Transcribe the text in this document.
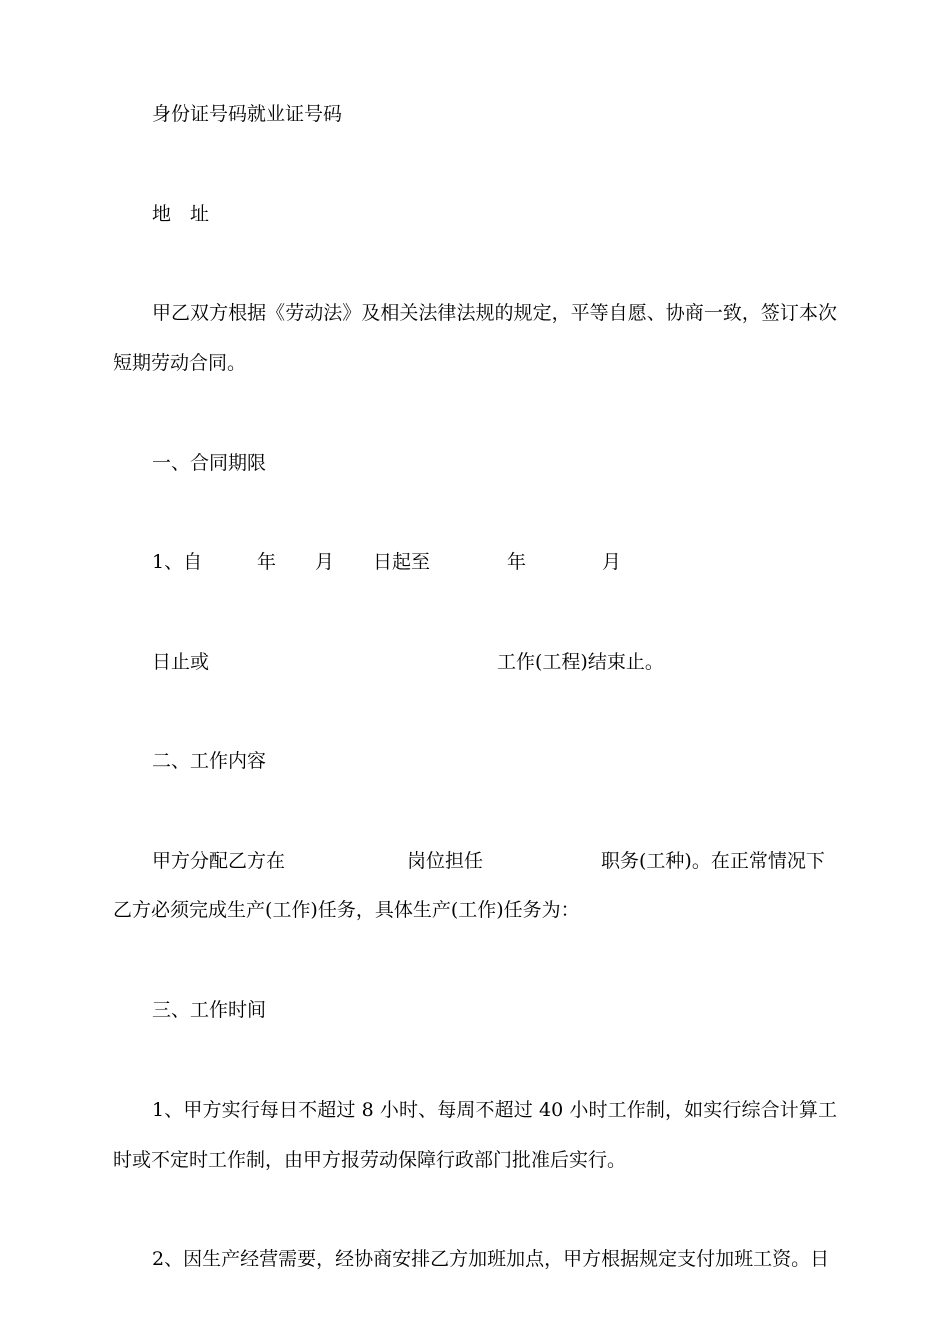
身份证号码就业证号码
地　址
甲乙双方根据《劳动法》及相关法律法规的规定，平等自愿、协商一致，签订本次短期劳动合同。
一、合同期限
1、自	年 月 日起至	年	月
日止或	工作(工程)结束止。
二、工作内容
甲方分配乙方在	岗位担任	职务(工种)。在正常情况下
乙方必须完成生产(工作)任务，具体生产(工作)任务为：
三、工作时间
1、甲方实行每日不超过 8 小时、每周不超过 40 小时工作制，如实行综合计算工时或不定时工作制，由甲方报劳动保障行政部门批准后实行。
2、因生产经营需要，经协商安排乙方加班加点，甲方根据规定支付加班工资。日
